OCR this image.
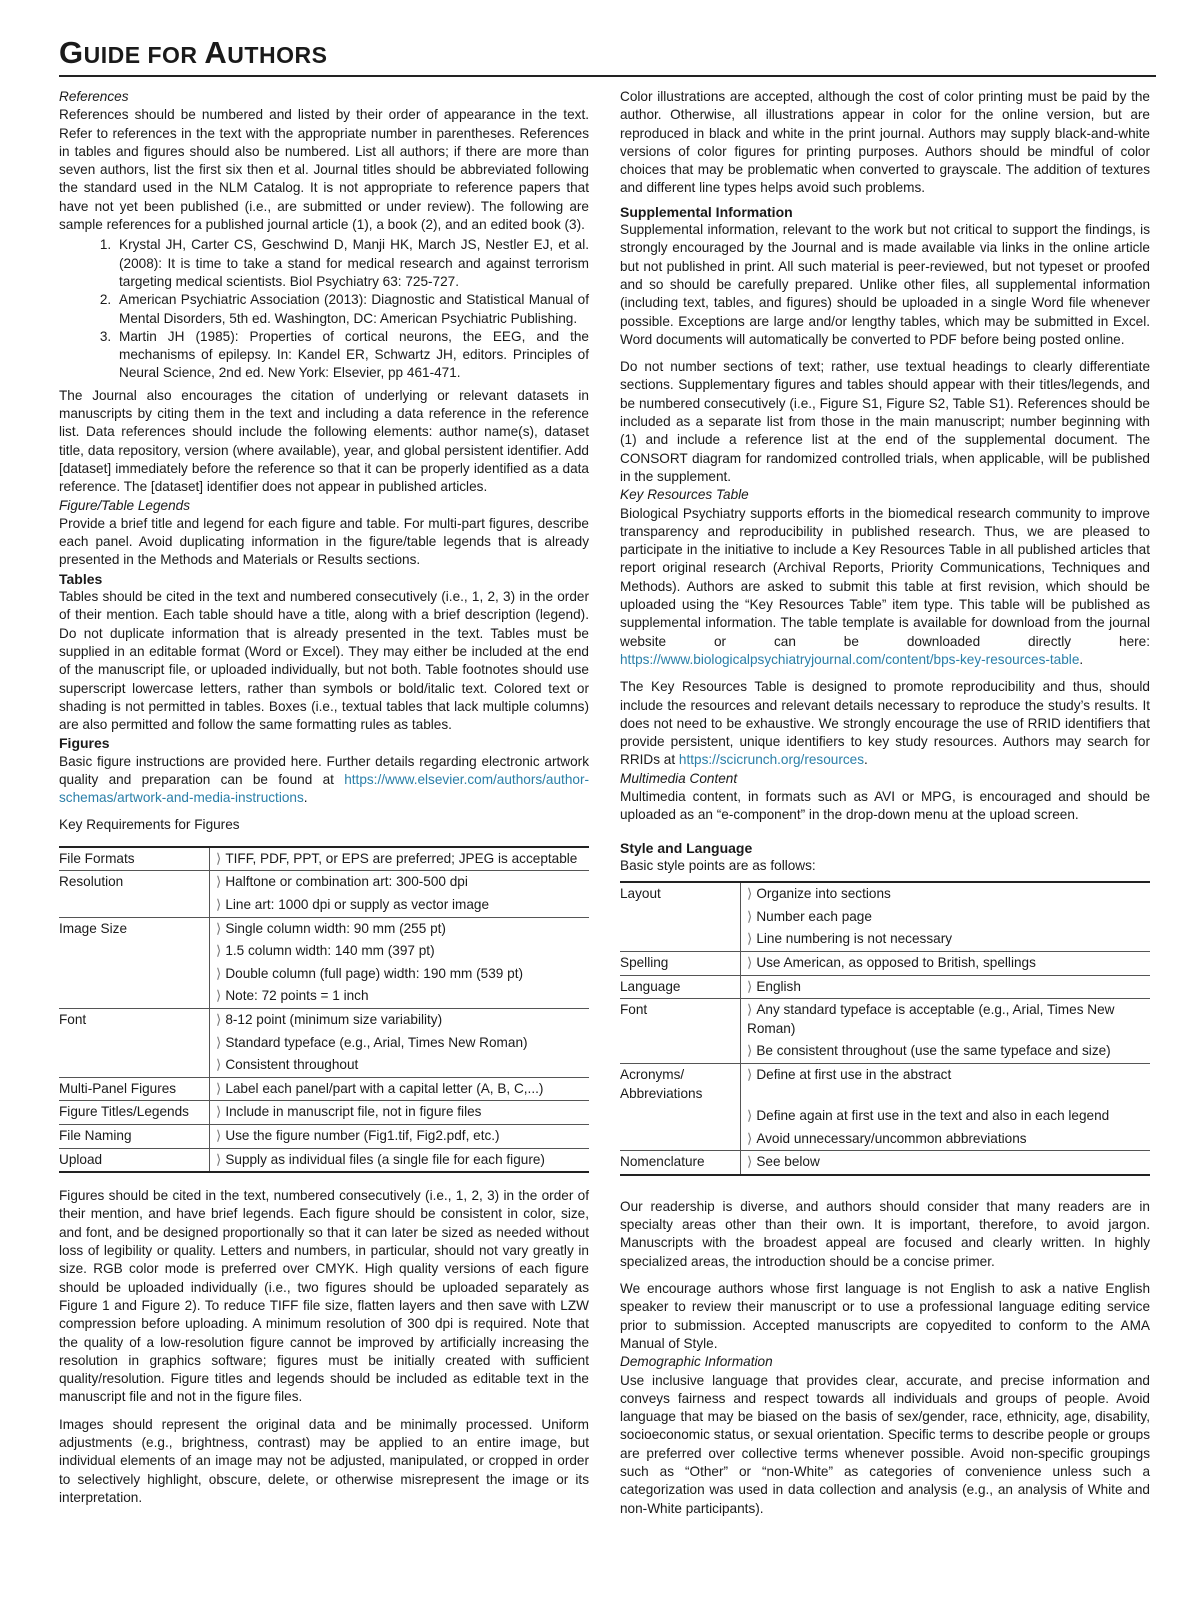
GUIDE FOR AUTHORS

References

References should be numbered and listed by their order of appearance in the text. Refer to references in the text with the appropriate number in parentheses. References in tables and figures should also be numbered. List all authors; if there are more than seven authors, list the first six then et al. Journal titles should be abbreviated following the standard used in the NLM Catalog. It is not appropriate to reference papers that have not yet been published (i.e., are submitted or under review). The following are sample references for a published journal article (1), a book (2), and an edited book (3).

1. Krystal JH, Carter CS, Geschwind D, Manji HK, March JS, Nestler EJ, et al. (2008): It is time to take a stand for medical research and against terrorism targeting medical scientists. Biol Psychiatry 63: 725-727.
2. American Psychiatric Association (2013): Diagnostic and Statistical Manual of Mental Disorders, 5th ed. Washington, DC: American Psychiatric Publishing.
3. Martin JH (1985): Properties of cortical neurons, the EEG, and the mechanisms of epilepsy. In: Kandel ER, Schwartz JH, editors. Principles of Neural Science, 2nd ed. New York: Elsevier, pp 461-471.

The Journal also encourages the citation of underlying or relevant datasets in manuscripts by citing them in the text and including a data reference in the reference list. Data references should include the following elements: author name(s), dataset title, data repository, version (where available), year, and global persistent identifier. Add [dataset] immediately before the reference so that it can be properly identified as a data reference. The [dataset] identifier does not appear in published articles.

Figure/Table Legends

Provide a brief title and legend for each figure and table. For multi-part figures, describe each panel. Avoid duplicating information in the figure/table legends that is already presented in the Methods and Materials or Results sections.

Tables

Tables should be cited in the text and numbered consecutively (i.e., 1, 2, 3) in the order of their mention. Each table should have a title, along with a brief description (legend). Do not duplicate information that is already presented in the text. Tables must be supplied in an editable format (Word or Excel). They may either be included at the end of the manuscript file, or uploaded individually, but not both. Table footnotes should use superscript lowercase letters, rather than symbols or bold/italic text. Colored text or shading is not permitted in tables. Boxes (i.e., textual tables that lack multiple columns) are also permitted and follow the same formatting rules as tables.

Figures

Basic figure instructions are provided here. Further details regarding electronic artwork quality and preparation can be found at https://www.elsevier.com/authors/author-schemas/artwork-and-media-instructions.

Key Requirements for Figures

File Formats	⟩ TIFF, PDF, PPT, or EPS are preferred; JPEG is acceptable
Resolution	⟩ Halftone or combination art: 300-500 dpi
	⟩ Line art: 1000 dpi or supply as vector image
Image Size	⟩ Single column width: 90 mm (255 pt)
	⟩ 1.5 column width: 140 mm (397 pt)
	⟩ Double column (full page) width: 190 mm (539 pt)
	⟩ Note: 72 points = 1 inch
Font	⟩ 8-12 point (minimum size variability)
	⟩ Standard typeface (e.g., Arial, Times New Roman)
	⟩ Consistent throughout
Multi-Panel Figures	⟩ Label each panel/part with a capital letter (A, B, C,...)
Figure Titles/Legends	⟩ Include in manuscript file, not in figure files
File Naming	⟩ Use the figure number (Fig1.tif, Fig2.pdf, etc.)
Upload	⟩ Supply as individual files (a single file for each figure)

Figures should be cited in the text, numbered consecutively (i.e., 1, 2, 3) in the order of their mention, and have brief legends. Each figure should be consistent in color, size, and font, and be designed proportionally so that it can later be sized as needed without loss of legibility or quality. Letters and numbers, in particular, should not vary greatly in size. RGB color mode is preferred over CMYK. High quality versions of each figure should be uploaded individually (i.e., two figures should be uploaded separately as Figure 1 and Figure 2). To reduce TIFF file size, flatten layers and then save with LZW compression before uploading. A minimum resolution of 300 dpi is required. Note that the quality of a low-resolution figure cannot be improved by artificially increasing the resolution in graphics software; figures must be initially created with sufficient quality/resolution. Figure titles and legends should be included as editable text in the manuscript file and not in the figure files.

Images should represent the original data and be minimally processed. Uniform adjustments (e.g., brightness, contrast) may be applied to an entire image, but individual elements of an image may not be adjusted, manipulated, or cropped in order to selectively highlight, obscure, delete, or otherwise misrepresent the image or its interpretation.

Color illustrations are accepted, although the cost of color printing must be paid by the author. Otherwise, all illustrations appear in color for the online version, but are reproduced in black and white in the print journal. Authors may supply black-and-white versions of color figures for printing purposes. Authors should be mindful of color choices that may be problematic when converted to grayscale. The addition of textures and different line types helps avoid such problems.

Supplemental Information

Supplemental information, relevant to the work but not critical to support the findings, is strongly encouraged by the Journal and is made available via links in the online article but not published in print. All such material is peer-reviewed, but not typeset or proofed and so should be carefully prepared. Unlike other files, all supplemental information (including text, tables, and figures) should be uploaded in a single Word file whenever possible. Exceptions are large and/or lengthy tables, which may be submitted in Excel. Word documents will automatically be converted to PDF before being posted online.

Do not number sections of text; rather, use textual headings to clearly differentiate sections. Supplementary figures and tables should appear with their titles/legends, and be numbered consecutively (i.e., Figure S1, Figure S2, Table S1). References should be included as a separate list from those in the main manuscript; number beginning with (1) and include a reference list at the end of the supplemental document. The CONSORT diagram for randomized controlled trials, when applicable, will be published in the supplement.

Key Resources Table

Biological Psychiatry supports efforts in the biomedical research community to improve transparency and reproducibility in published research. Thus, we are pleased to participate in the initiative to include a Key Resources Table in all published articles that report original research (Archival Reports, Priority Communications, Techniques and Methods). Authors are asked to submit this table at first revision, which should be uploaded using the “Key Resources Table” item type. This table will be published as supplemental information. The table template is available for download from the journal website or can be downloaded directly here: https://www.biologicalpsychiatryjournal.com/content/bps-key-resources-table.

The Key Resources Table is designed to promote reproducibility and thus, should include the resources and relevant details necessary to reproduce the study’s results. It does not need to be exhaustive. We strongly encourage the use of RRID identifiers that provide persistent, unique identifiers to key study resources. Authors may search for RRIDs at https://scicrunch.org/resources.

Multimedia Content

Multimedia content, in formats such as AVI or MPG, is encouraged and should be uploaded as an “e-component” in the drop-down menu at the upload screen.

Style and Language

Basic style points are as follows:

Layout	⟩ Organize into sections
	⟩ Number each page
	⟩ Line numbering is not necessary
Spelling	⟩ Use American, as opposed to British, spellings
Language	⟩ English
Font	⟩ Any standard typeface is acceptable (e.g., Arial, Times New Roman)
	⟩ Be consistent throughout (use the same typeface and size)
Acronyms/ Abbreviations	⟩ Define at first use in the abstract
	⟩ Define again at first use in the text and also in each legend
	⟩ Avoid unnecessary/uncommon abbreviations
Nomenclature	⟩ See below

Our readership is diverse, and authors should consider that many readers are in specialty areas other than their own. It is important, therefore, to avoid jargon. Manuscripts with the broadest appeal are focused and clearly written. In highly specialized areas, the introduction should be a concise primer.

We encourage authors whose first language is not English to ask a native English speaker to review their manuscript or to use a professional language editing service prior to submission. Accepted manuscripts are copyedited to conform to the AMA Manual of Style.

Demographic Information

Use inclusive language that provides clear, accurate, and precise information and conveys fairness and respect towards all individuals and groups of people. Avoid language that may be biased on the basis of sex/gender, race, ethnicity, age, disability, socioeconomic status, or sexual orientation. Specific terms to describe people or groups are preferred over collective terms whenever possible. Avoid non-specific groupings such as “Other” or “non-White” as categories of convenience unless such a categorization was used in data collection and analysis (e.g., an analysis of White and non-White participants).
